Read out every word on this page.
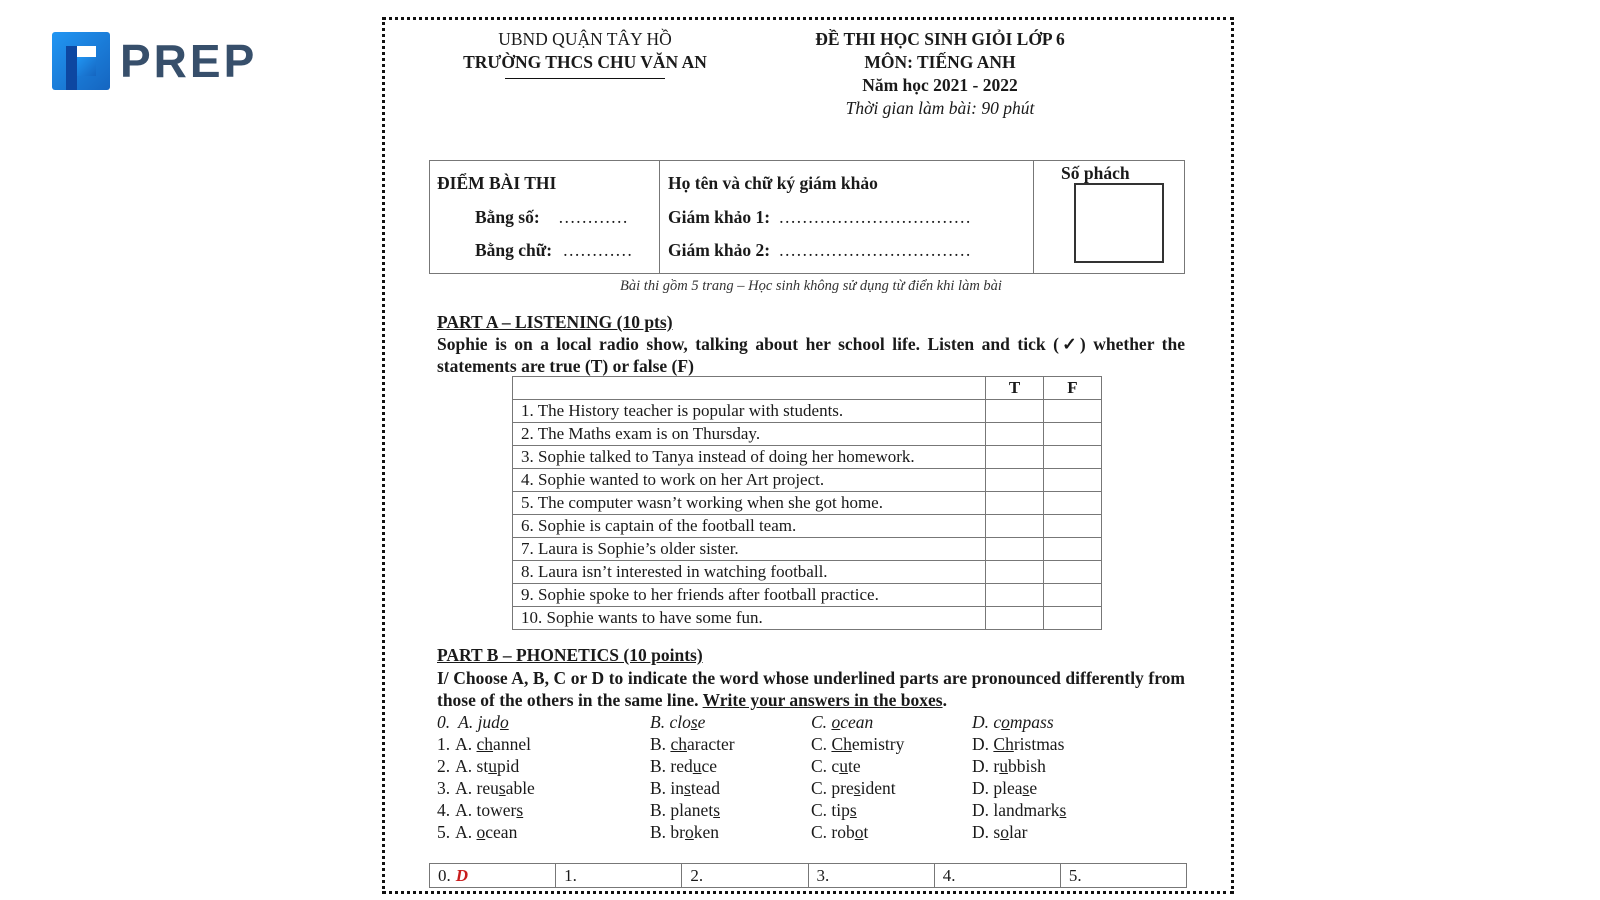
PREP	UBND QUẬN TÂY HỒ
TRƯỜNG THCS CHU VĂN AN
ĐỀ THI HỌC SINH GIỎI LỚP 6
MÔN: TIẾNG ANH
Năm học 2021 - 2022
Thời gian làm bài: 90 phút
ĐIỂM BÀI THI
Bằng số: …………
Bằng chữ: …………
Họ tên và chữ ký giám khảo
Giám khảo 1: ……………………………
Giám khảo 2: ……………………………
Số phách
Bài thi gồm 5 trang – Học sinh không sử dụng từ điển khi làm bài
PART A – LISTENING (10 pts)
Sophie is on a local radio show, talking about her school life. Listen and tick (✓) whether the statements are true (T) or false (F)
	T	F
1. The History teacher is popular with students.		
2. The Maths exam is on Thursday.		
3. Sophie talked to Tanya instead of doing her homework.		
4. Sophie wanted to work on her Art project.		
5. The computer wasn’t working when she got home.		
6. Sophie is captain of the football team.		
7. Laura is Sophie’s older sister.		
8. Laura isn’t interested in watching football.		
9. Sophie spoke to her friends after football practice.		
10. Sophie wants to have some fun.		
PART B – PHONETICS (10 points)
I/ Choose A, B, C or D to indicate the word whose underlined parts are pronounced differently from those of the others in the same line. Write your answers in the boxes.
0. A. judo	B. close	C. ocean	D. compass
1. A. channel	B. character	C. Chemistry	D. Christmas
2. A. stupid	B. reduce	C. cute	D. rubbish
3. A. reusable	B. instead	C. president	D. please
4. A. towers	B. planets	C. tips	D. landmarks
5. A. ocean	B. broken	C. robot	D. solar
0. D	1.	2.	3.	4.	5.
